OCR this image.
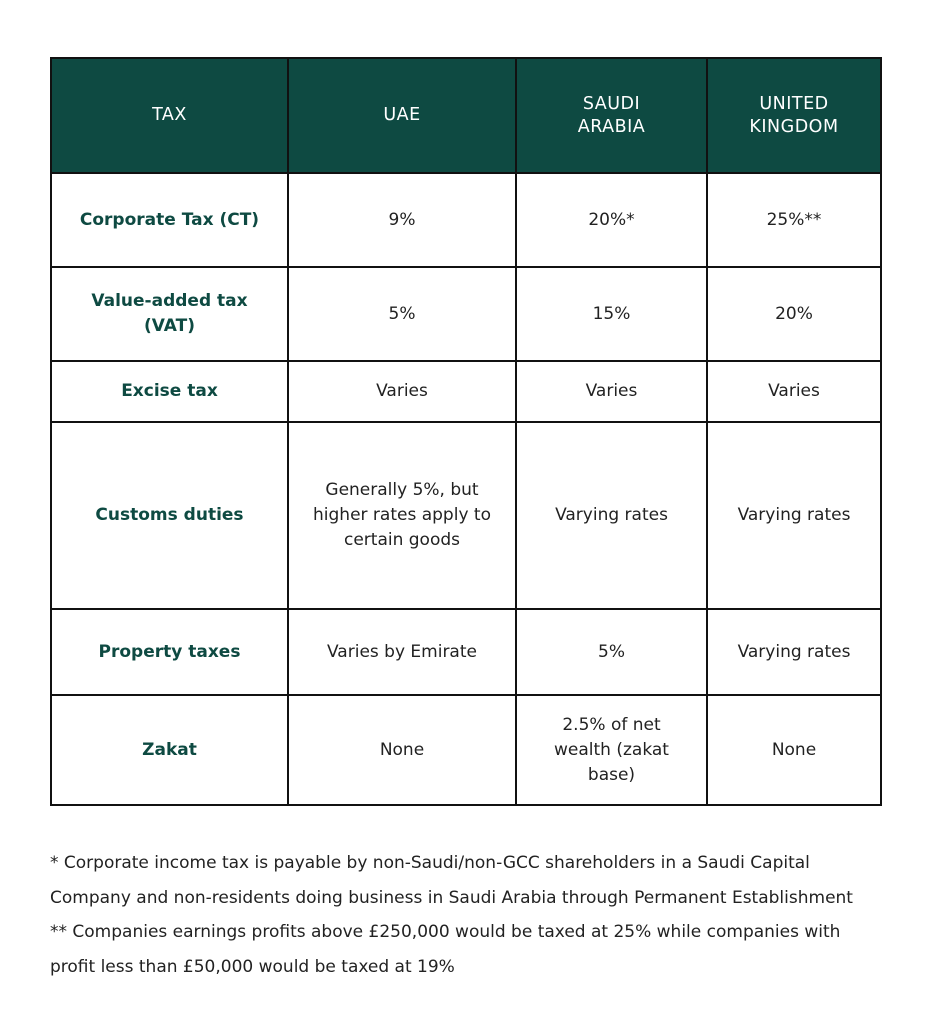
TAX	UAE	SAUDI ARABIA	UNITED KINGDOM
Corporate Tax (CT)	9%	20%*	25%**
Value-added tax (VAT)	5%	15%	20%
Excise tax	Varies	Varies	Varies
Customs duties	Generally 5%, but higher rates apply to certain goods	Varying rates	Varying rates
Property taxes	Varies by Emirate	5%	Varying rates
Zakat	None	2.5% of net wealth (zakat base)	None

* Corporate income tax is payable by non-Saudi/non-GCC shareholders in a Saudi Capital Company and non-residents doing business in Saudi Arabia through Permanent Establishment

** Companies earnings profits above £250,000 would be taxed at 25% while companies with profit less than £50,000 would be taxed at 19%
